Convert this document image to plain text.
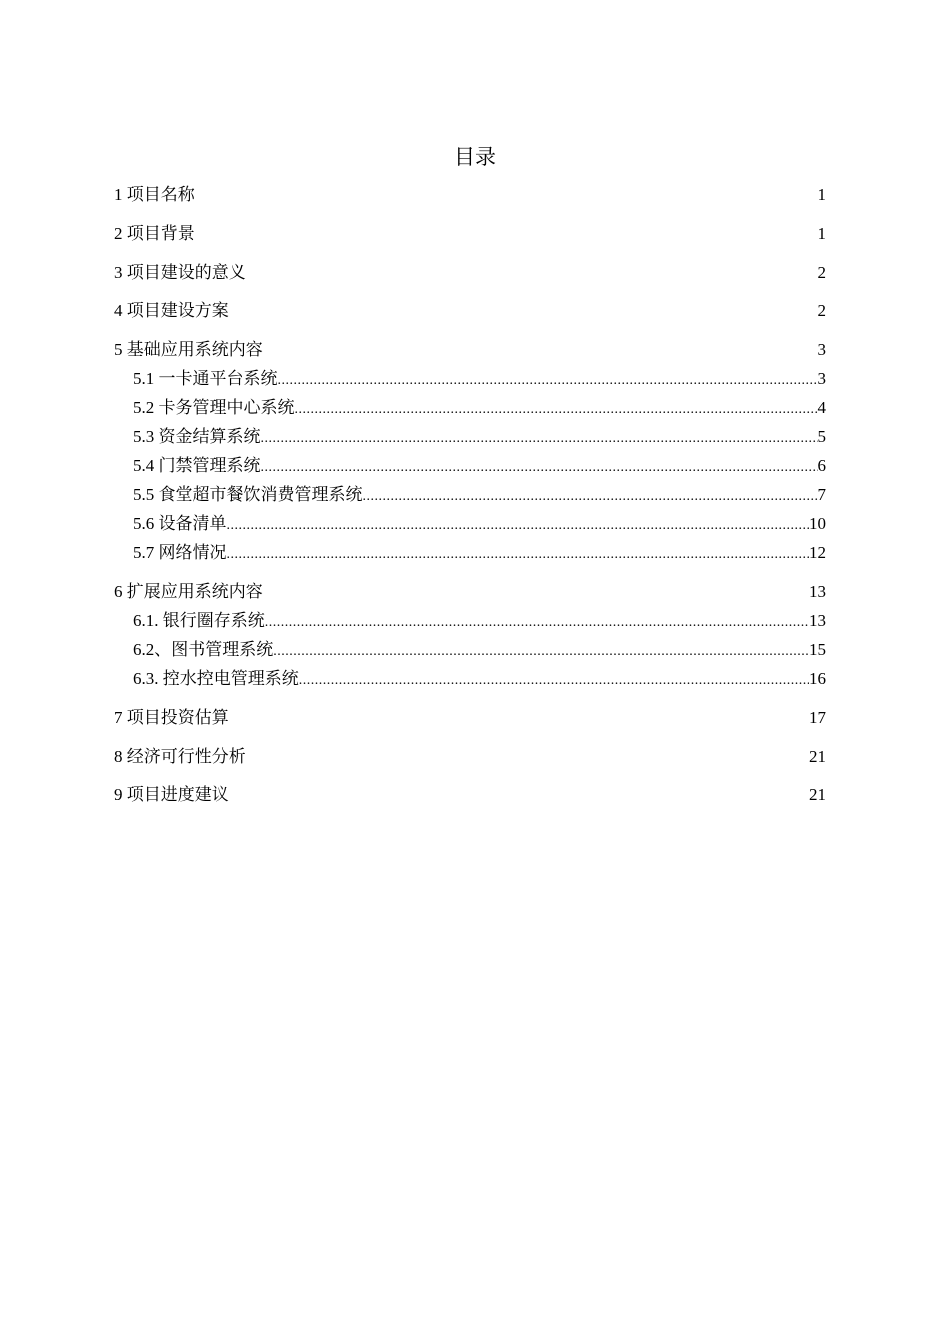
目录
1 项目名称	1
2 项目背景	1
3 项目建设的意义	2
4 项目建设方案	2
5 基础应用系统内容	3
5.1 一卡通平台系统 .....	3
5.2 卡务管理中心系统 .....	4
5.3 资金结算系统 .....	5
5.4 门禁管理系统 .....	6
5.5 食堂超市餐饮消费管理系统 .....	7
5.6 设备清单 .....	10
5.7 网络情况 .....	12
6 扩展应用系统内容	13
6.1. 银行圈存系统 .....	13
6.2、图书管理系统 .....	15
6.3. 控水控电管理系统 .....	16
7 项目投资估算	17
8 经济可行性分析	21
9 项目进度建议	21
